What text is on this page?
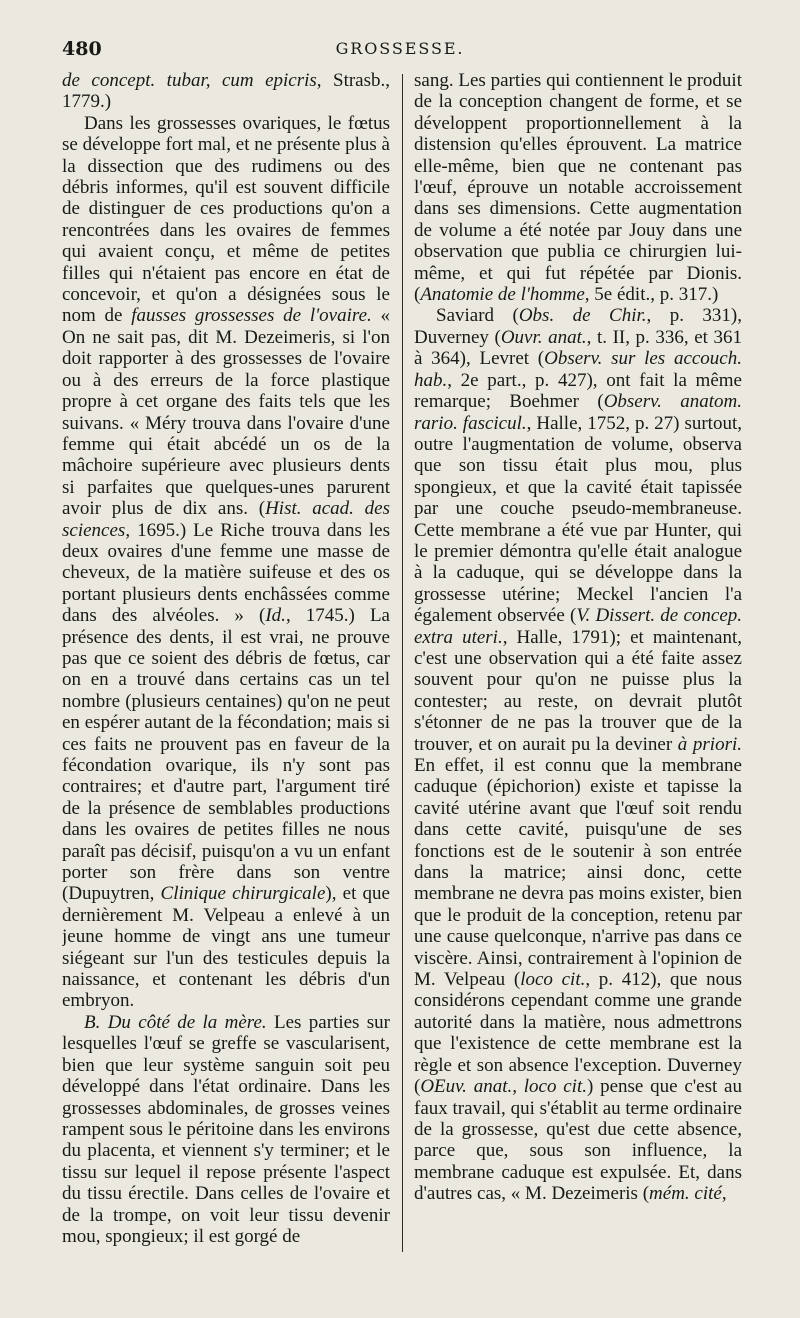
480	GROSSESSE.

de concept. tubar, cum epicris, Strasb., 1779.)

Dans les grossesses ovariques, le fœtus se développe fort mal, et ne présente plus à la dissection que des rudimens ou des débris informes, qu'il est souvent difficile de distinguer de ces productions qu'on a rencontrées dans les ovaires de femmes qui avaient conçu, et même de petites filles qui n'étaient pas encore en état de concevoir, et qu'on a désignées sous le nom de fausses grossesses de l'ovaire. « On ne sait pas, dit M. Dezeimeris, si l'on doit rapporter à des grossesses de l'ovaire ou à des erreurs de la force plastique propre à cet organe des faits tels que les suivans. « Méry trouva dans l'ovaire d'une femme qui était abcédé un os de la mâchoire supérieure avec plusieurs dents si parfaites que quelques-unes parurent avoir plus de dix ans. (Hist. acad. des sciences, 1695.) Le Riche trouva dans les deux ovaires d'une femme une masse de cheveux, de la matière suifeuse et des os portant plusieurs dents enchâssées comme dans des alvéoles. » (Id., 1745.) La présence des dents, il est vrai, ne prouve pas que ce soient des débris de fœtus, car on en a trouvé dans certains cas un tel nombre (plusieurs centaines) qu'on ne peut en espérer autant de la fécondation; mais si ces faits ne prouvent pas en faveur de la fécondation ovarique, ils n'y sont pas contraires; et d'autre part, l'argument tiré de la présence de semblables productions dans les ovaires de petites filles ne nous paraît pas décisif, puisqu'on a vu un enfant porter son frère dans son ventre (Dupuytren, Clinique chirurgicale), et que dernièrement M. Velpeau a enlevé à un jeune homme de vingt ans une tumeur siégeant sur l'un des testicules depuis la naissance, et contenant les débris d'un embryon.

B. Du côté de la mère. Les parties sur lesquelles l'œuf se greffe se vascularisent, bien que leur système sanguin soit peu développé dans l'état ordinaire. Dans les grossesses abdominales, de grosses veines rampent sous le péritoine dans les environs du placenta, et viennent s'y terminer; et le tissu sur lequel il repose présente l'aspect du tissu érectile. Dans celles de l'ovaire et de la trompe, on voit leur tissu devenir mou, spongieux; il est gorgé de

sang. Les parties qui contiennent le produit de la conception changent de forme, et se développent proportionnellement à la distension qu'elles éprouvent. La matrice elle-même, bien que ne contenant pas l'œuf, éprouve un notable accroissement dans ses dimensions. Cette augmentation de volume a été notée par Jouy dans une observation que publia ce chirurgien lui-même, et qui fut répétée par Dionis. (Anatomie de l'homme, 5e édit., p. 317.)

Saviard (Obs. de Chir., p. 331), Duverney (Ouvr. anat., t. II, p. 336, et 361 à 364), Levret (Observ. sur les accouch. hab., 2e part., p. 427), ont fait la même remarque; Boehmer (Observ. anatom. rario. fascicul., Halle, 1752, p. 27) surtout, outre l'augmentation de volume, observa que son tissu était plus mou, plus spongieux, et que la cavité était tapissée par une couche pseudo-membraneuse. Cette membrane a été vue par Hunter, qui le premier démontra qu'elle était analogue à la caduque, qui se développe dans la grossesse utérine; Meckel l'ancien l'a également observée (V. Dissert. de concep. extra uteri., Halle, 1791); et maintenant, c'est une observation qui a été faite assez souvent pour qu'on ne puisse plus la contester; au reste, on devrait plutôt s'étonner de ne pas la trouver que de la trouver, et on aurait pu la deviner à priori. En effet, il est connu que la membrane caduque (épichorion) existe et tapisse la cavité utérine avant que l'œuf soit rendu dans cette cavité, puisqu'une de ses fonctions est de le soutenir à son entrée dans la matrice; ainsi donc, cette membrane ne devra pas moins exister, bien que le produit de la conception, retenu par une cause quelconque, n'arrive pas dans ce viscère. Ainsi, contrairement à l'opinion de M. Velpeau (loco cit., p. 412), que nous considérons cependant comme une grande autorité dans la matière, nous admettrons que l'existence de cette membrane est la règle et son absence l'exception. Duverney (OEuv. anat., loco cit.) pense que c'est au faux travail, qui s'établit au terme ordinaire de la grossesse, qu'est due cette absence, parce que, sous son influence, la membrane caduque est expulsée. Et, dans d'autres cas, « M. Dezeimeris (mém. cité,
